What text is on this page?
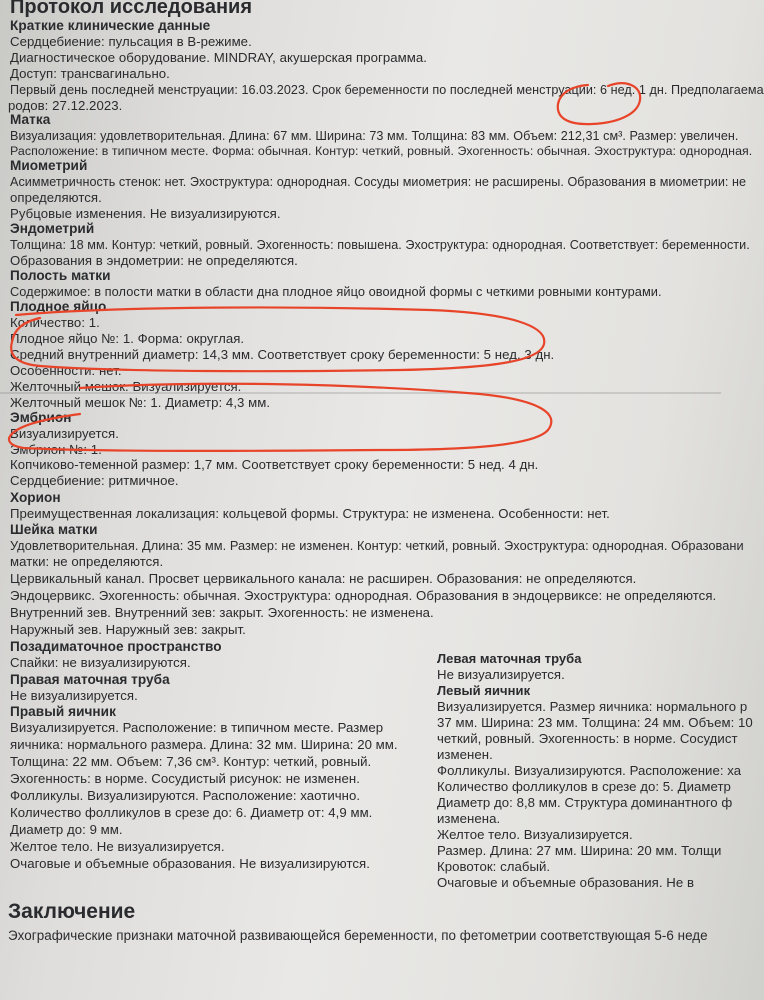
Протокол исследования
Краткие клинические данные
Сердцебиение: пульсация в B-режиме.
Диагностическое оборудование. MINDRAY, акушерская программа.
Доступ: трансвагинально.
Первый день последней менструации: 16.03.2023. Срок беременности по последней менструации: 6 нед. 1 дн. Предполагаема
родов: 27.12.2023.
Матка
Визуализация: удовлетворительная. Длина: 67 мм. Ширина: 73 мм. Толщина: 83 мм. Объем: 212,31 см³. Размер: увеличен.
Расположение: в типичном месте. Форма: обычная. Контур: четкий, ровный. Эхогенность: обычная. Эхоструктура: однородная.
Миометрий
Асимметричность стенок: нет. Эхоструктура: однородная. Сосуды миометрия: не расширены. Образования в миометрии: не
определяются.
Рубцовые изменения. Не визуализируются.
Эндометрий
Толщина: 18 мм. Контур: четкий, ровный. Эхогенность: повышена. Эхоструктура: однородная. Соответствует: беременности.
Образования в эндометрии: не определяются.
Полость матки
Содержимое: в полости матки в области дна плодное яйцо овоидной формы с четкими ровными контурами.
Плодное яйцо
Количество: 1.
Плодное яйцо №: 1. Форма: округлая.
Средний внутренний диаметр: 14,3 мм. Соответствует сроку беременности: 5 нед. 3 дн.
Особенности: нет.
Желточный мешок. Визуализируется.
Желточный мешок №: 1. Диаметр: 4,3 мм.
Эмбрион
Визуализируется.
Эмбрион №: 1.
Копчиково-теменной размер: 1,7 мм. Соответствует сроку беременности: 5 нед. 4 дн.
Сердцебиение: ритмичное.
Хорион
Преимущественная локализация: кольцевой формы. Структура: не изменена. Особенности: нет.
Шейка матки
Удовлетворительная. Длина: 35 мм. Размер: не изменен. Контур: четкий, ровный. Эхоструктура: однородная. Образовани
матки: не определяются.
Цервикальный канал. Просвет цервикального канала: не расширен. Образования: не определяются.
Эндоцервикс. Эхогенность: обычная. Эхоструктура: однородная. Образования в эндоцервиксе: не определяются.
Внутренний зев. Внутренний зев: закрыт. Эхогенность: не изменена.
Наружный зев. Наружный зев: закрыт.
Позадиматочное пространство
Спайки: не визуализируются.	Левая маточная труба
Не визуализируется.
Левый яичник
Визуализируется. Размер яичника: нормального р
37 мм. Ширина: 23 мм. Толщина: 24 мм. Объем: 10
четкий, ровный. Эхогенность: в норме. Сосудист
изменен.
Фолликулы. Визуализируются. Расположение: ха
Количество фолликулов в срезе до: 5. Диаметр
Диаметр до: 8,8 мм. Структура доминантного ф
изменена.
Желтое тело. Визуализируется.
Размер. Длина: 27 мм. Ширина: 20 мм. Толщи
Кровоток: слабый.
Очаговые и объемные образования. Не в
Правая маточная труба
Не визуализируется.
Правый яичник
Визуализируется. Расположение: в типичном месте. Размер
яичника: нормального размера. Длина: 32 мм. Ширина: 20 мм.
Толщина: 22 мм. Объем: 7,36 см³. Контур: четкий, ровный.
Эхогенность: в норме. Сосудистый рисунок: не изменен.
Фолликулы. Визуализируются. Расположение: хаотично.
Количество фолликулов в срезе до: 6. Диаметр от: 4,9 мм.
Диаметр до: 9 мм.
Желтое тело. Не визуализируется.
Очаговые и объемные образования. Не визуализируются.
Заключение
Эхографические признаки маточной развивающейся беременности, по фетометрии соответствующая 5-6 неде
